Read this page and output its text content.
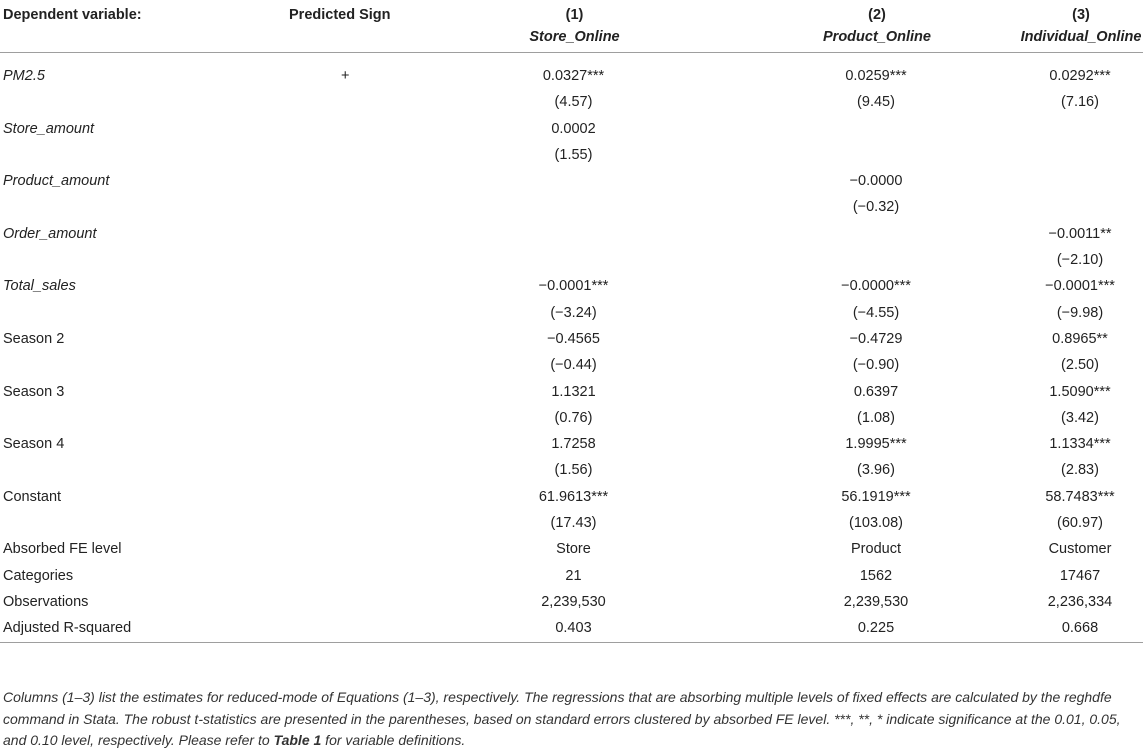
Dependent variable:	Predicted Sign	(1)	(2)	(3)
		Store_Online	Product_Online	Individual_Online
PM2.5	+	0.0327***	0.0259***	0.0292***
		(4.57)	(9.45)	(7.16)
Store_amount		0.0002		
		(1.55)		
Product_amount			−0.0000	
			(−0.32)	
Order_amount				−0.0011**
				(−2.10)
Total_sales		−0.0001***	−0.0000***	−0.0001***
		(−3.24)	(−4.55)	(−9.98)
Season 2		−0.4565	−0.4729	0.8965**
		(−0.44)	(−0.90)	(2.50)
Season 3		1.1321	0.6397	1.5090***
		(0.76)	(1.08)	(3.42)
Season 4		1.7258	1.9995***	1.1334***
		(1.56)	(3.96)	(2.83)
Constant		61.9613***	56.1919***	58.7483***
		(17.43)	(103.08)	(60.97)
Absorbed FE level		Store	Product	Customer
Categories		21	1562	17467
Observations		2,239,530	2,239,530	2,236,334
Adjusted R-squared		0.403	0.225	0.668

Columns (1–3) list the estimates for reduced-mode of Equations (1–3), respectively. The regressions that are absorbing multiple levels of fixed effects are calculated by the reghdfe command in Stata. The robust t-statistics are presented in the parentheses, based on standard errors clustered by absorbed FE level. ***, **, * indicate significance at the 0.01, 0.05, and 0.10 level, respectively. Please refer to Table 1 for variable definitions.
